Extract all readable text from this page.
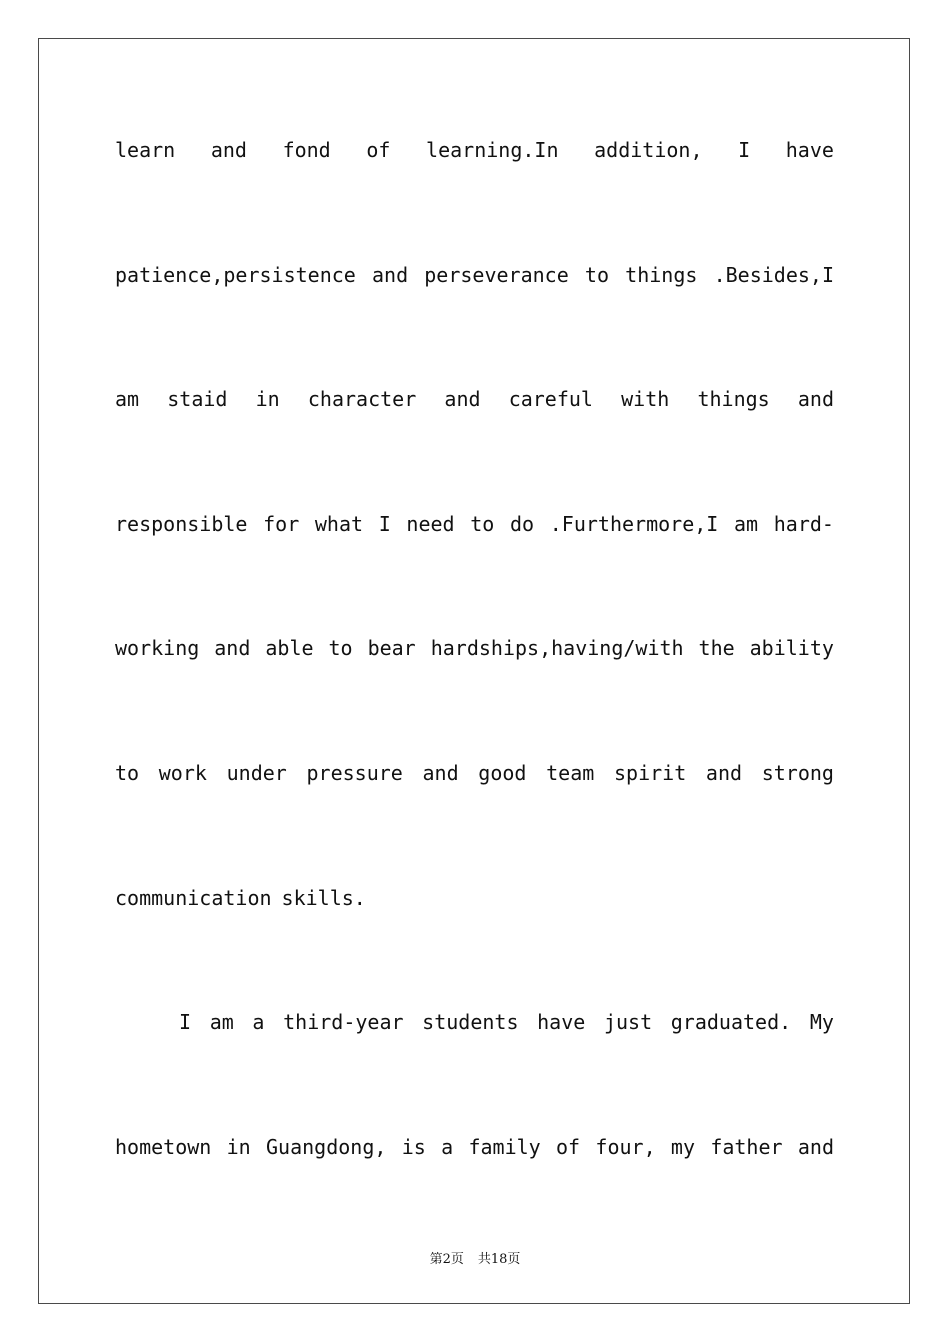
learn and fond of learning.In addition, I have
patience,persistence and perseverance to things .Besides,I
am staid in character and careful with things and
responsible for what I need to do .Furthermore,I am hard-
working and able to bear hardships,having/with the ability
to work under pressure and good team spirit and strong
communication skills.
I am a third-year students have just graduated. My
hometown in Guangdong, is a family of four, my father and
第2页 共18页
